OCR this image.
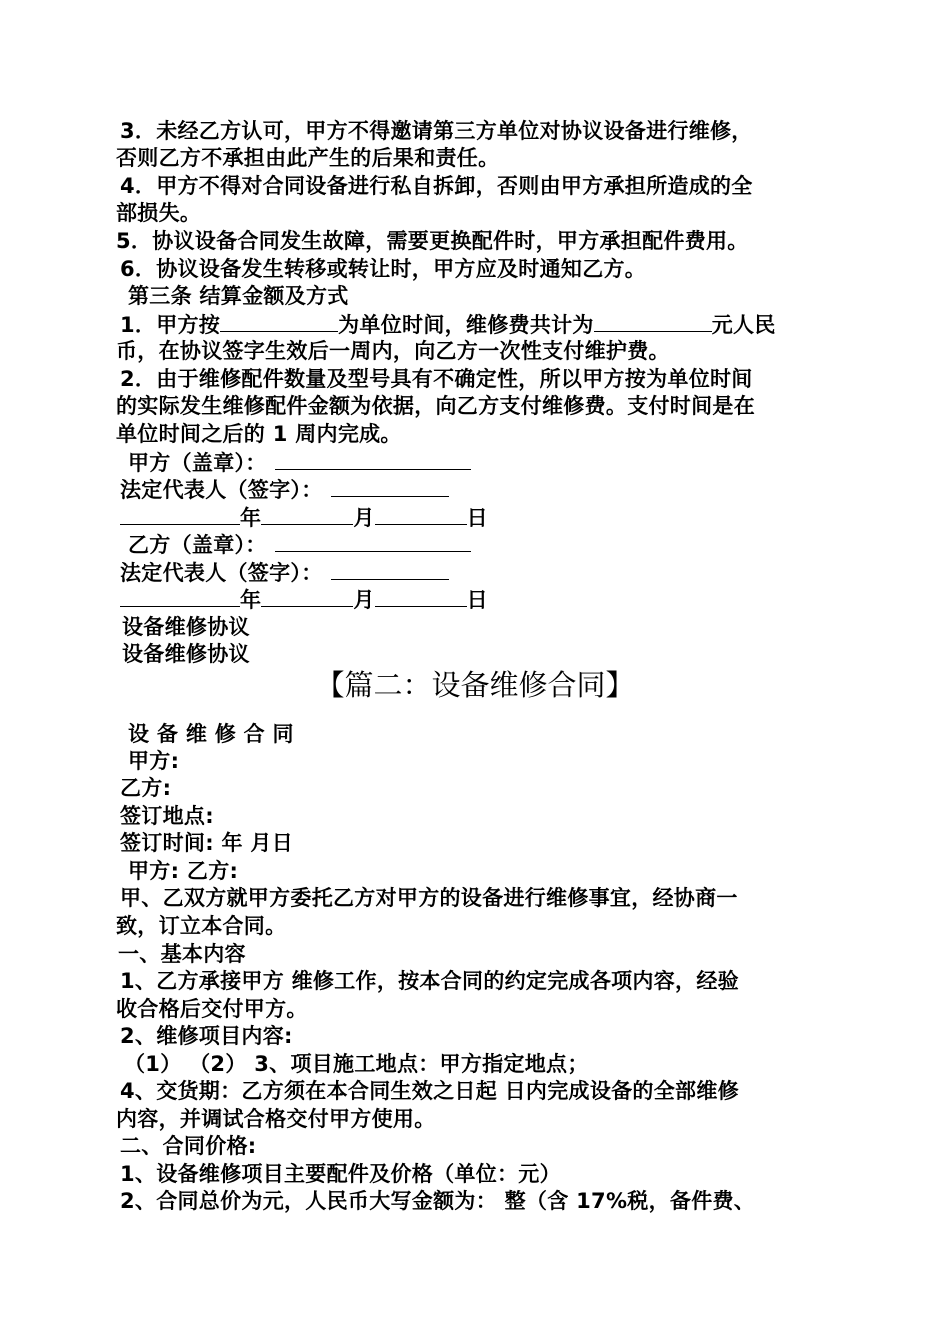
3．未经乙方认可，甲方不得邀请第三方单位对协议设备进行维修，
否则乙方不承担由此产生的后果和责任。
4．甲方不得对合同设备进行私自拆卸，否则由甲方承担所造成的全
部损失。
5．协议设备合同发生故障，需要更换配件时，甲方承担配件费用。
6．协议设备发生转移或转让时，甲方应及时通知乙方。
第三条 结算金额及方式
1．甲方按	为单位时间，维修费共计为	元人民
币，在协议签字生效后一周内，向乙方一次性支付维护费。
2．由于维修配件数量及型号具有不确定性，所以甲方按为单位时间
的实际发生维修配件金额为依据，向乙方支付维修费。支付时间是在
单位时间之后的 1 周内完成。
甲方（盖章）：
法定代表人（签字）：
年	月	日
乙方（盖章）：
法定代表人（签字）：
年	月	日
设备维修协议
设备维修协议
【篇二：设备维修合同】
设 备 维 修 合 同
甲方:
乙方:
签订地点:
签订时间: 年 月日
甲方: 乙方:
甲、乙双方就甲方委托乙方对甲方的设备进行维修事宜，经协商一
致，订立本合同。
一、基本内容
1、乙方承接甲方 维修工作，按本合同的约定完成各项内容，经验
收合格后交付甲方。
2、维修项目内容:
（1） （2） 3、项目施工地点：甲方指定地点；
4、交货期：乙方须在本合同生效之日起 日内完成设备的全部维修
内容，并调试合格交付甲方使用。
二、合同价格:
1、设备维修项目主要配件及价格（单位：元）
2、合同总价为元，人民币大写金额为： 整（含 17%税，备件费、
